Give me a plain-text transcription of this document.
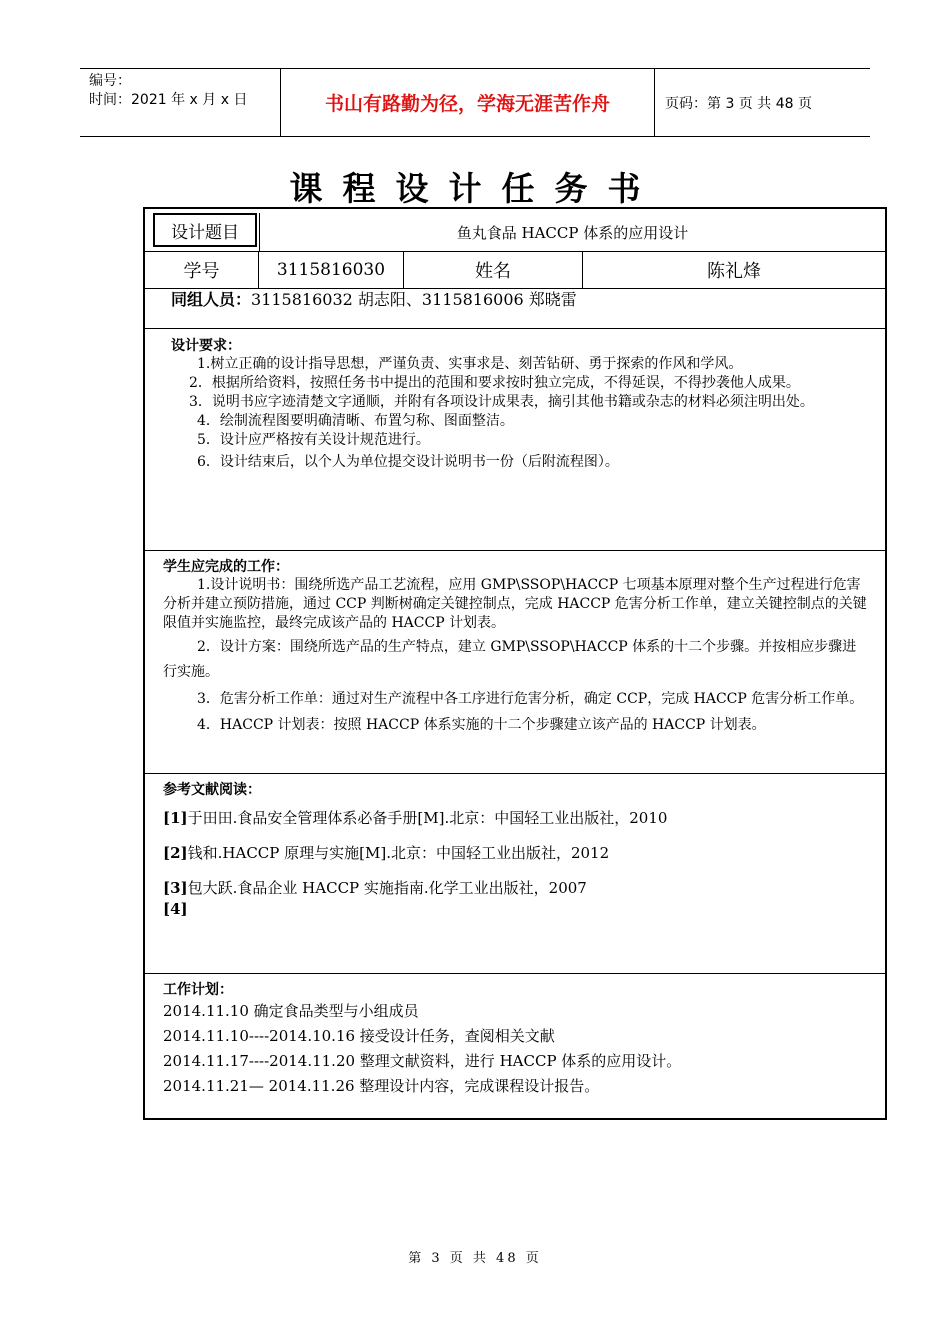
编号：
时间：2021 年 x 月 x 日	书山有路勤为径，学海无涯苦作舟	页码：第 3 页 共 48 页
课程设计任务书
设计题目	鱼丸食品 HACCP 体系的应用设计
学号	3115816030	姓名	陈礼烽
同组人员：3115816032 胡志阳、3115816006 郑晓雷
设计要求：

1.树立正确的设计指导思想，严谨负责、实事求是、刻苦钻研、勇于探索的作风和学风。

2．根据所给资料，按照任务书中提出的范围和要求按时独立完成，不得延误，不得抄袭他人成果。

3．说明书应字迹清楚文字通顺，并附有各项设计成果表，摘引其他书籍或杂志的材料必须注明出处。

4．绘制流程图要明确清晰、布置匀称、图面整洁。

5．设计应严格按有关设计规范进行。

6．设计结束后，以个人为单位提交设计说明书一份（后附流程图）。

学生应完成的工作：

1.设计说明书：围绕所选产品工艺流程，应用 GMP\SSOP\HACCP 七项基本原理对整个生产过程进行危害分析并建立预防措施，通过 CCP 判断树确定关键控制点，完成 HACCP 危害分析工作单，建立关键控制点的关键限值并实施监控，最终完成该产品的 HACCP 计划表。

2．设计方案：围绕所选产品的生产特点，建立 GMP\SSOP\HACCP 体系的十二个步骤。并按相应步骤进行实施。

3．危害分析工作单：通过对生产流程中各工序进行危害分析，确定 CCP，完成 HACCP 危害分析工作单。

4．HACCP 计划表：按照 HACCP 体系实施的十二个步骤建立该产品的 HACCP 计划表。

参考文献阅读：

[1]于田田.食品安全管理体系必备手册[M].北京：中国轻工业出版社，2010

[2]钱和.HACCP 原理与实施[M].北京：中国轻工业出版社，2012

[3]包大跃.食品企业 HACCP 实施指南.化学工业出版社，2007

[4]

工作计划：

2014.11.10 确定食品类型与小组成员

2014.11.10----2014.10.16 接受设计任务，查阅相关文献

2014.11.17----2014.11.20 整理文献资料，进行 HACCP 体系的应用设计。

2014.11.21— 2014.11.26 整理设计内容，完成课程设计报告。

第 3 页 共 48 页
